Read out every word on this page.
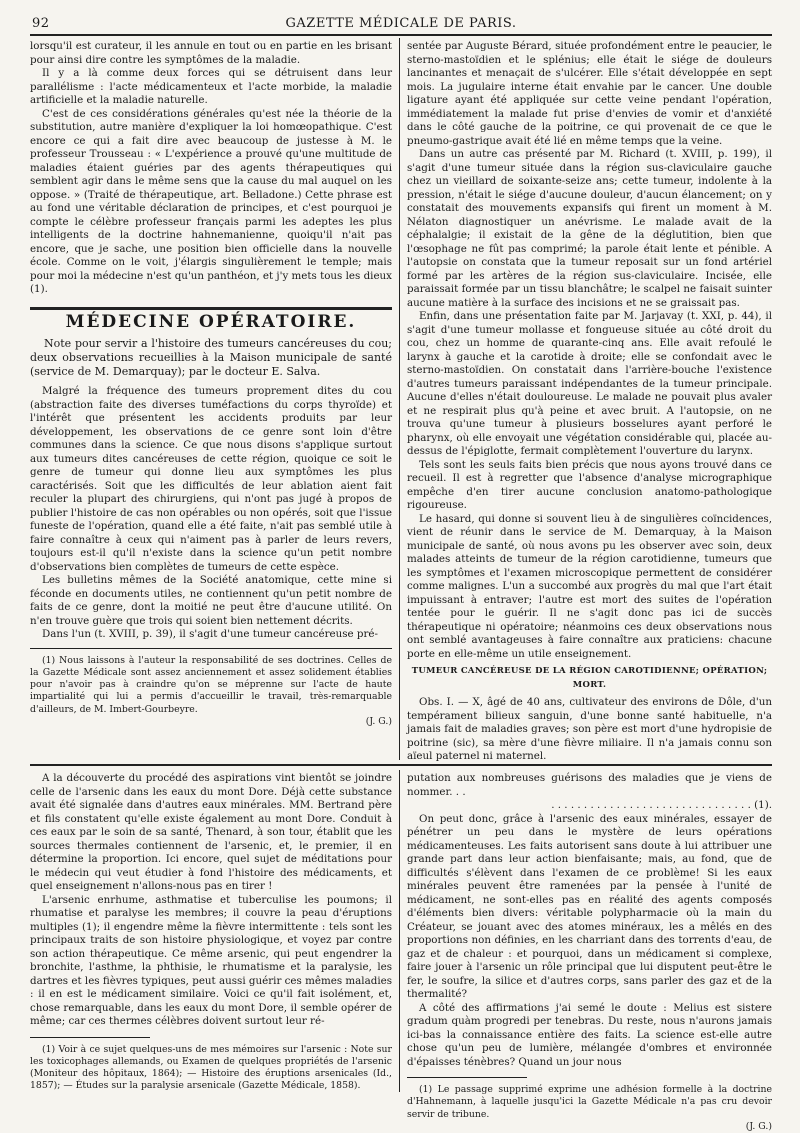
92	GAZETTE MÉDICALE DE PARIS.

lorsqu'il est curateur, il les annule en tout ou en partie en les brisant pour ainsi dire contre les symptômes de la maladie.

Il y a là comme deux forces qui se détruisent dans leur parallélisme : l'acte médicamenteux et l'acte morbide, la maladie artificielle et la maladie naturelle.

C'est de ces considérations générales qu'est née la théorie de la substitution, autre manière d'expliquer la loi homœopathique. C'est encore ce qui a fait dire avec beaucoup de justesse à M. le professeur Trousseau : « L'expérience a prouvé qu'une multitude de maladies étaient guéries par des agents thérapeutiques qui semblent agir dans le même sens que la cause du mal auquel on les oppose. » (Traité de thérapeutique, art. Belladone.) Cette phrase est au fond une véritable déclaration de principes, et c'est pourquoi je compte le célèbre professeur français parmi les adeptes les plus intelligents de la doctrine hahnemanienne, quoiqu'il n'ait pas encore, que je sache, une position bien officielle dans la nouvelle école. Comme on le voit, j'élargis singulièrement le temple; mais pour moi la médecine n'est qu'un panthéon, et j'y mets tous les dieux (1).

MÉDECINE OPÉRATOIRE.

Note pour servir a l'histoire des tumeurs cancéreuses du cou; deux observations recueillies à la Maison municipale de santé (service de M. Demarquay); par le docteur E. Salva.

Malgré la fréquence des tumeurs proprement dites du cou (abstraction faite des diverses tuméfactions du corps thyroïde) et l'intérêt que présentent les accidents produits par leur développement, les observations de ce genre sont loin d'être communes dans la science. Ce que nous disons s'applique surtout aux tumeurs dites cancéreuses de cette région, quoique ce soit le genre de tumeur qui donne lieu aux symptômes les plus caractérisés. Soit que les difficultés de leur ablation aient fait reculer la plupart des chirurgiens, qui n'ont pas jugé à propos de publier l'histoire de cas non opérables ou non opérés, soit que l'issue funeste de l'opération, quand elle a été faite, n'ait pas semblé utile à faire connaître à ceux qui n'aiment pas à parler de leurs revers, toujours est-il qu'il n'existe dans la science qu'un petit nombre d'observations bien complètes de tumeurs de cette espèce.

Les bulletins mêmes de la Société anatomique, cette mine si féconde en documents utiles, ne contiennent qu'un petit nombre de faits de ce genre, dont la moitié ne peut être d'aucune utilité. On n'en trouve guère que trois qui soient bien nettement décrits.

Dans l'un (t. XVIII, p. 39), il s'agit d'une tumeur cancéreuse pré-

(1) Nous laissons à l'auteur la responsabilité de ses doctrines. Celles de la Gazette Médicale sont assez anciennement et assez solidement établies pour n'avoir pas à craindre qu'on se méprenne sur l'acte de haute impartialité qui lui a permis d'accueillir le travail, très-remarquable d'ailleurs, de M. Imbert-Gourbeyre.

(J. G.)

sentée par Auguste Bérard, située profondément entre le peaucier, le sterno-mastoïdien et le splénius; elle était le siége de douleurs lancinantes et menaçait de s'ulcérer. Elle s'était développée en sept mois. La jugulaire interne était envahie par le cancer. Une double ligature ayant été appliquée sur cette veine pendant l'opération, immédiatement la malade fut prise d'envies de vomir et d'anxiété dans le côté gauche de la poitrine, ce qui provenait de ce que le pneumo-gastrique avait été lié en même temps que la veine.

Dans un autre cas présenté par M. Richard (t. XVIII, p. 199), il s'agit d'une tumeur située dans la région sus-claviculaire gauche chez un vieillard de soixante-seize ans; cette tumeur, indolente à la pression, n'était le siége d'aucune douleur, d'aucun élancement; on y constatait des mouvements expansifs qui firent un moment à M. Nélaton diagnostiquer un anévrisme. Le malade avait de la céphalalgie; il existait de la gêne de la déglutition, bien que l'œsophage ne fût pas comprimé; la parole était lente et pénible. A l'autopsie on constata que la tumeur reposait sur un fond artériel formé par les artères de la région sus-claviculaire. Incisée, elle paraissait formée par un tissu blanchâtre; le scalpel ne faisait suinter aucune matière à la surface des incisions et ne se graissait pas.

Enfin, dans une présentation faite par M. Jarjavay (t. XXI, p. 44), il s'agit d'une tumeur mollasse et fongueuse située au côté droit du cou, chez un homme de quarante-cinq ans. Elle avait refoulé le larynx à gauche et la carotide à droite; elle se confondait avec le sterno-mastoïdien. On constatait dans l'arrière-bouche l'existence d'autres tumeurs paraissant indépendantes de la tumeur principale. Aucune d'elles n'était douloureuse. Le malade ne pouvait plus avaler et ne respirait plus qu'à peine et avec bruit. A l'autopsie, on ne trouva qu'une tumeur à plusieurs bosselures ayant perforé le pharynx, où elle envoyait une végétation considérable qui, placée au-dessus de l'épiglotte, fermait complètement l'ouverture du larynx.

Tels sont les seuls faits bien précis que nous ayons trouvé dans ce recueil. Il est à regretter que l'absence d'analyse micrographique empêche d'en tirer aucune conclusion anatomo-pathologique rigoureuse.

Le hasard, qui donne si souvent lieu à de singulières coïncidences, vient de réunir dans le service de M. Demarquay, à la Maison municipale de santé, où nous avons pu les observer avec soin, deux malades atteints de tumeur de la région carotidienne, tumeurs que les symptômes et l'examen microscopique permettent de considérer comme malignes. L'un a succombé aux progrès du mal que l'art était impuissant à entraver; l'autre est mort des suites de l'opération tentée pour le guérir. Il ne s'agit donc pas ici de succès thérapeutique ni opératoire; néanmoins ces deux observations nous ont semblé avantageuses à faire connaître aux praticiens: chacune porte en elle-même un utile enseignement.

TUMEUR CANCÉREUSE DE LA RÉGION CAROTIDIENNE; OPÉRATION;
MORT.

Obs. I. — X, âgé de 40 ans, cultivateur des environs de Dôle, d'un tempérament bilieux sanguin, d'une bonne santé habituelle, n'a jamais fait de maladies graves; son père est mort d'une hydropisie de poitrine (sic), sa mère d'une fièvre miliaire. Il n'a jamais connu son aïeul paternel ni maternel.

A la découverte du procédé des aspirations vint bientôt se joindre celle de l'arsenic dans les eaux du mont Dore. Déjà cette substance avait été signalée dans d'autres eaux minérales. MM. Bertrand père et fils constatent qu'elle existe également au mont Dore. Conduit à ces eaux par le soin de sa santé, Thenard, à son tour, établit que les sources thermales contiennent de l'arsenic, et, le premier, il en détermine la proportion. Ici encore, quel sujet de méditations pour le médecin qui veut étudier à fond l'histoire des médicaments, et quel enseignement n'allons-nous pas en tirer !

L'arsenic enrhume, asthmatise et tuberculise les poumons; il rhumatise et paralyse les membres; il couvre la peau d'éruptions multiples (1); il engendre même la fièvre intermittente : tels sont les principaux traits de son histoire physiologique, et voyez par contre son action thérapeutique. Ce même arsenic, qui peut engendrer la bronchite, l'asthme, la phthisie, le rhumatisme et la paralysie, les dartres et les fièvres typiques, peut aussi guérir ces mêmes maladies : il en est le médicament similaire. Voici ce qu'il fait isolément, et, chose remarquable, dans les eaux du mont Dore, il semble opérer de même; car ces thermes célèbres doivent surtout leur ré-

(1) Voir à ce sujet quelques-uns de mes mémoires sur l'arsenic : Note sur les toxicophages allemands, ou Examen de quelques propriétés de l'arsenic (Moniteur des hôpitaux, 1864); — Histoire des éruptions arsenicales (Id., 1857); — Études sur la paralysie arsenicale (Gazette Médicale, 1858).

putation aux nombreuses guérisons des maladies que je viens de nommer. . .

. . . . . . . . . . . . . . . . . . . . . . . . . . . . . . . (1).

On peut donc, grâce à l'arsenic des eaux minérales, essayer de pénétrer un peu dans le mystère de leurs opérations médicamenteuses. Les faits autorisent sans doute à lui attribuer une grande part dans leur action bienfaisante; mais, au fond, que de difficultés s'élèvent dans l'examen de ce problème! Si les eaux minérales peuvent être ramenées par la pensée à l'unité de médicament, ne sont-elles pas en réalité des agents composés d'éléments bien divers: véritable polypharmacie où la main du Créateur, se jouant avec des atomes minéraux, les a mêlés en des proportions non définies, en les charriant dans des torrents d'eau, de gaz et de chaleur : et pourquoi, dans un médicament si complexe, faire jouer à l'arsenic un rôle principal que lui disputent peut-être le fer, le soufre, la silice et d'autres corps, sans parler des gaz et de la thermalité?

A côté des affirmations j'ai semé le doute : Melius est sistere gradum quàm progredi per tenebras. Du reste, nous n'aurons jamais ici-bas la connaissance entière des faits. La science est-elle autre chose qu'un peu de lumière, mélangée d'ombres et environnée d'épaisses ténèbres? Quand un jour nous

(1) Le passage supprimé exprime une adhésion formelle à la doctrine d'Hahnemann, à laquelle jusqu'ici la Gazette Médicale n'a pas cru devoir servir de tribune.

(J. G.)
